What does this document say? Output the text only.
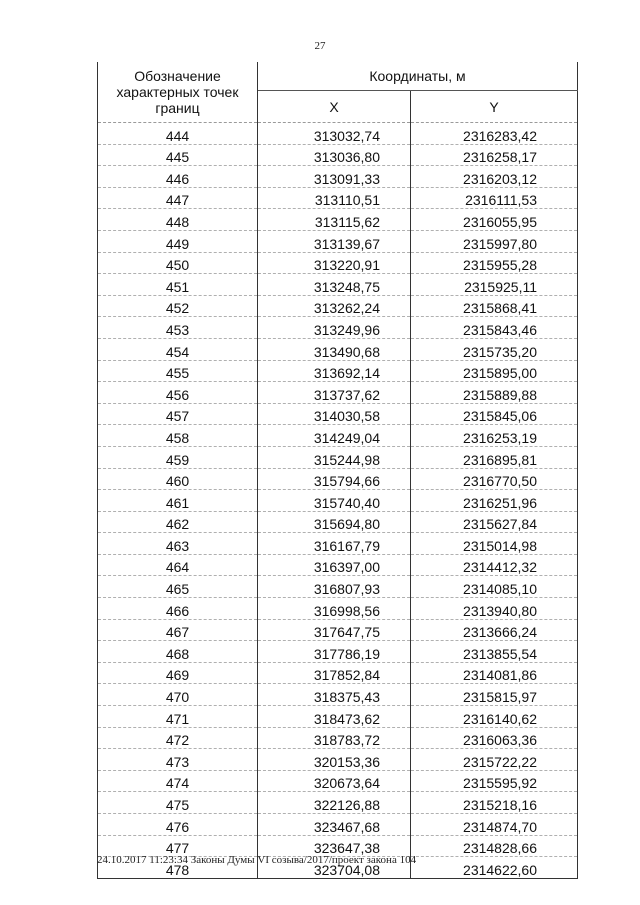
27
Обозначение характерных точек границ	Координаты, м	
	X	Y
444	313032,74	2316283,42
445	313036,80	2316258,17
446	313091,33	2316203,12
447	313110,51	2316111,53
448	313115,62	2316055,95
449	313139,67	2315997,80
450	313220,91	2315955,28
451	313248,75	2315925,11
452	313262,24	2315868,41
453	313249,96	2315843,46
454	313490,68	2315735,20
455	313692,14	2315895,00
456	313737,62	2315889,88
457	314030,58	2315845,06
458	314249,04	2316253,19
459	315244,98	2316895,81
460	315794,66	2316770,50
461	315740,40	2316251,96
462	315694,80	2315627,84
463	316167,79	2315014,98
464	316397,00	2314412,32
465	316807,93	2314085,10
466	316998,56	2313940,80
467	317647,75	2313666,24
468	317786,19	2313855,54
469	317852,84	2314081,86
470	318375,43	2315815,97
471	318473,62	2316140,62
472	318783,72	2316063,36
473	320153,36	2315722,22
474	320673,64	2315595,92
475	322126,88	2315218,16
476	323467,68	2314874,70
477	323647,38	2314828,66
478	323704,08	2314622,60
24.10.2017 11:23:34 Законы Думы VI созыва/2017/проект закона 104
